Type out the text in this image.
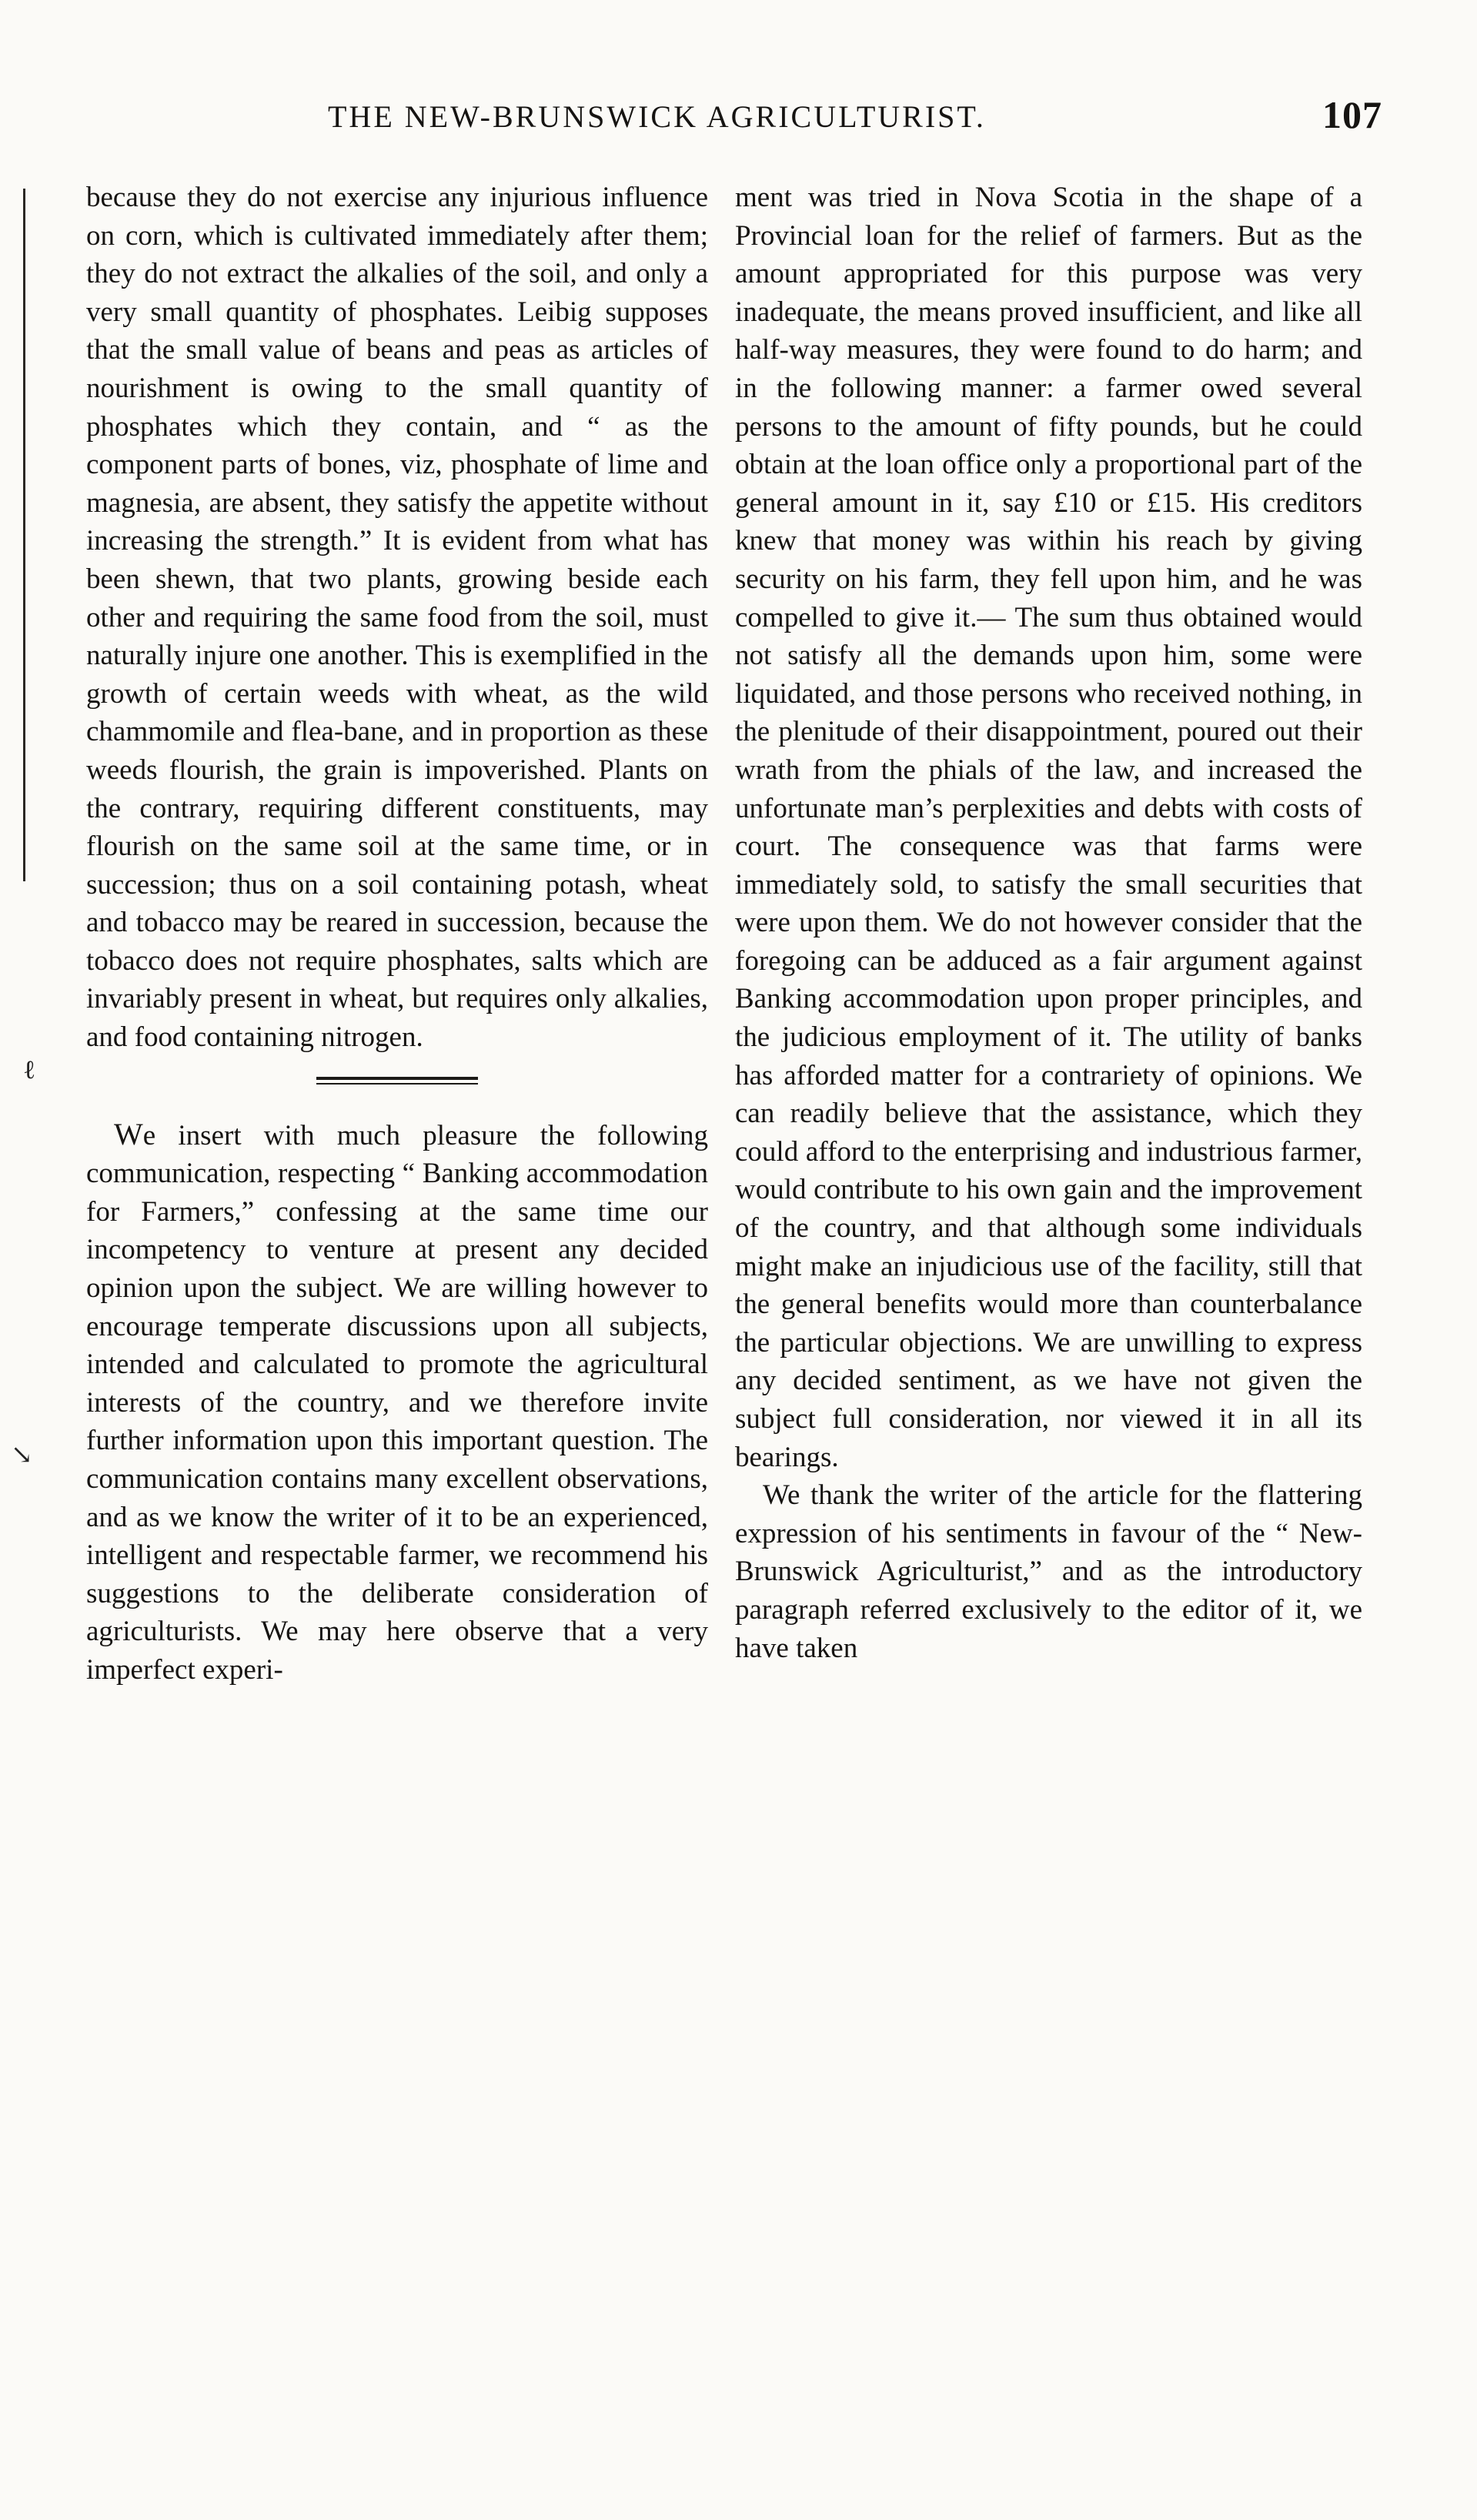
ℓ
↘
THE NEW-BRUNSWICK AGRICULTURIST.	107

because they do not exercise any injurious influence on corn, which is cultivated immediately after them; they do not extract the alkalies of the soil, and only a very small quantity of phosphates. Leibig supposes that the small value of beans and peas as articles of nourishment is owing to the small quantity of phosphates which they contain, and “ as the component parts of bones, viz, phosphate of lime and magnesia, are absent, they satisfy the appetite without increasing the strength.” It is evident from what has been shewn, that two plants, growing beside each other and requiring the same food from the soil, must naturally injure one another. This is exemplified in the growth of certain weeds with wheat, as the wild chammomile and flea-bane, and in proportion as these weeds flourish, the grain is impoverished. Plants on the contrary, requiring different constituents, may flourish on the same soil at the same time, or in succession; thus on a soil containing potash, wheat and tobacco may be reared in succession, because the tobacco does not require phosphates, salts which are invariably present in wheat, but requires only alkalies, and food containing nitrogen.

We insert with much pleasure the following communication, respecting “ Banking accommodation for Farmers,” confessing at the same time our incompetency to venture at present any decided opinion upon the subject. We are willing however to encourage temperate discussions upon all subjects, intended and calculated to promote the agricultural interests of the country, and we therefore invite further information upon this important question. The communication contains many excellent observations, and as we know the writer of it to be an experienced, intelligent and respectable farmer, we recommend his suggestions to the deliberate consideration of agriculturists. We may here observe that a very imperfect experi-

ment was tried in Nova Scotia in the shape of a Provincial loan for the relief of farmers. But as the amount appropriated for this purpose was very inadequate, the means proved insufficient, and like all half-way measures, they were found to do harm; and in the following manner: a farmer owed several persons to the amount of fifty pounds, but he could obtain at the loan office only a proportional part of the general amount in it, say £10 or £15. His creditors knew that money was within his reach by giving security on his farm, they fell upon him, and he was compelled to give it.— The sum thus obtained would not satisfy all the demands upon him, some were liquidated, and those persons who received nothing, in the plenitude of their disappointment, poured out their wrath from the phials of the law, and increased the unfortunate man’s perplexities and debts with costs of court. The consequence was that farms were immediately sold, to satisfy the small securities that were upon them. We do not however consider that the foregoing can be adduced as a fair argument against Banking accommodation upon proper principles, and the judicious employment of it. The utility of banks has afforded matter for a contrariety of opinions. We can readily believe that the assistance, which they could afford to the enterprising and industrious farmer, would contribute to his own gain and the improvement of the country, and that although some individuals might make an injudicious use of the facility, still that the general benefits would more than counterbalance the particular objections. We are unwilling to express any decided sentiment, as we have not given the subject full consideration, nor viewed it in all its bearings.

We thank the writer of the article for the flattering expression of his sentiments in favour of the “ New-Brunswick Agriculturist,” and as the introductory paragraph referred exclusively to the editor of it, we have taken
